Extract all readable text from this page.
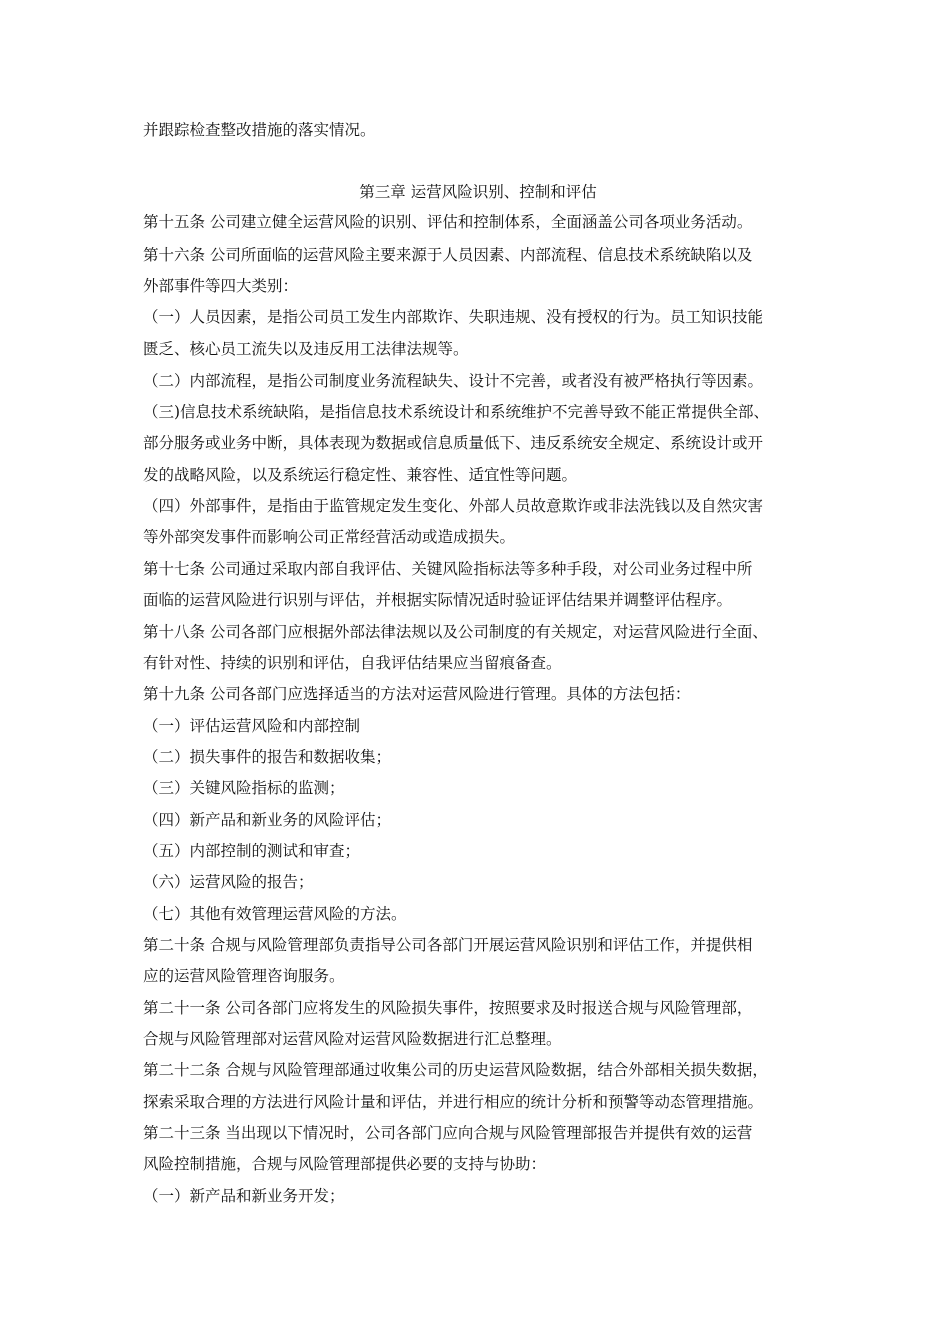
并跟踪检查整改措施的落实情况。
第三章 运营风险识别、控制和评估
第十五条 公司建立健全运营风险的识别、评估和控制体系，全面涵盖公司各项业务活动。
第十六条 公司所面临的运营风险主要来源于人员因素、内部流程、信息技术系统缺陷以及
外部事件等四大类别：
（一）人员因素，是指公司员工发生内部欺诈、失职违规、没有授权的行为。员工知识技能
匮乏、核心员工流失以及违反用工法律法规等。
（二）内部流程，是指公司制度业务流程缺失、设计不完善，或者没有被严格执行等因素。
（三)信息技术系统缺陷，是指信息技术系统设计和系统维护不完善导致不能正常提供全部、
部分服务或业务中断，具体表现为数据或信息质量低下、违反系统安全规定、系统设计或开
发的战略风险，以及系统运行稳定性、兼容性、适宜性等问题。
（四）外部事件，是指由于监管规定发生变化、外部人员故意欺诈或非法洗钱以及自然灾害
等外部突发事件而影响公司正常经营活动或造成损失。
第十七条 公司通过采取内部自我评估、关键风险指标法等多种手段，对公司业务过程中所
面临的运营风险进行识别与评估，并根据实际情况适时验证评估结果并调整评估程序。
第十八条 公司各部门应根据外部法律法规以及公司制度的有关规定，对运营风险进行全面、
有针对性、持续的识别和评估，自我评估结果应当留痕备查。
第十九条 公司各部门应选择适当的方法对运营风险进行管理。具体的方法包括：
（一）评估运营风险和内部控制
（二）损失事件的报告和数据收集；
（三）关键风险指标的监测；
（四）新产品和新业务的风险评估；
（五）内部控制的测试和审查；
（六）运营风险的报告；
（七）其他有效管理运营风险的方法。
第二十条 合规与风险管理部负责指导公司各部门开展运营风险识别和评估工作，并提供相
应的运营风险管理咨询服务。
第二十一条 公司各部门应将发生的风险损失事件，按照要求及时报送合规与风险管理部，
合规与风险管理部对运营风险对运营风险数据进行汇总整理。
第二十二条 合规与风险管理部通过收集公司的历史运营风险数据，结合外部相关损失数据，
探索采取合理的方法进行风险计量和评估，并进行相应的统计分析和预警等动态管理措施。
第二十三条 当出现以下情况时，公司各部门应向合规与风险管理部报告并提供有效的运营
风险控制措施，合规与风险管理部提供必要的支持与协助：
（一）新产品和新业务开发；
